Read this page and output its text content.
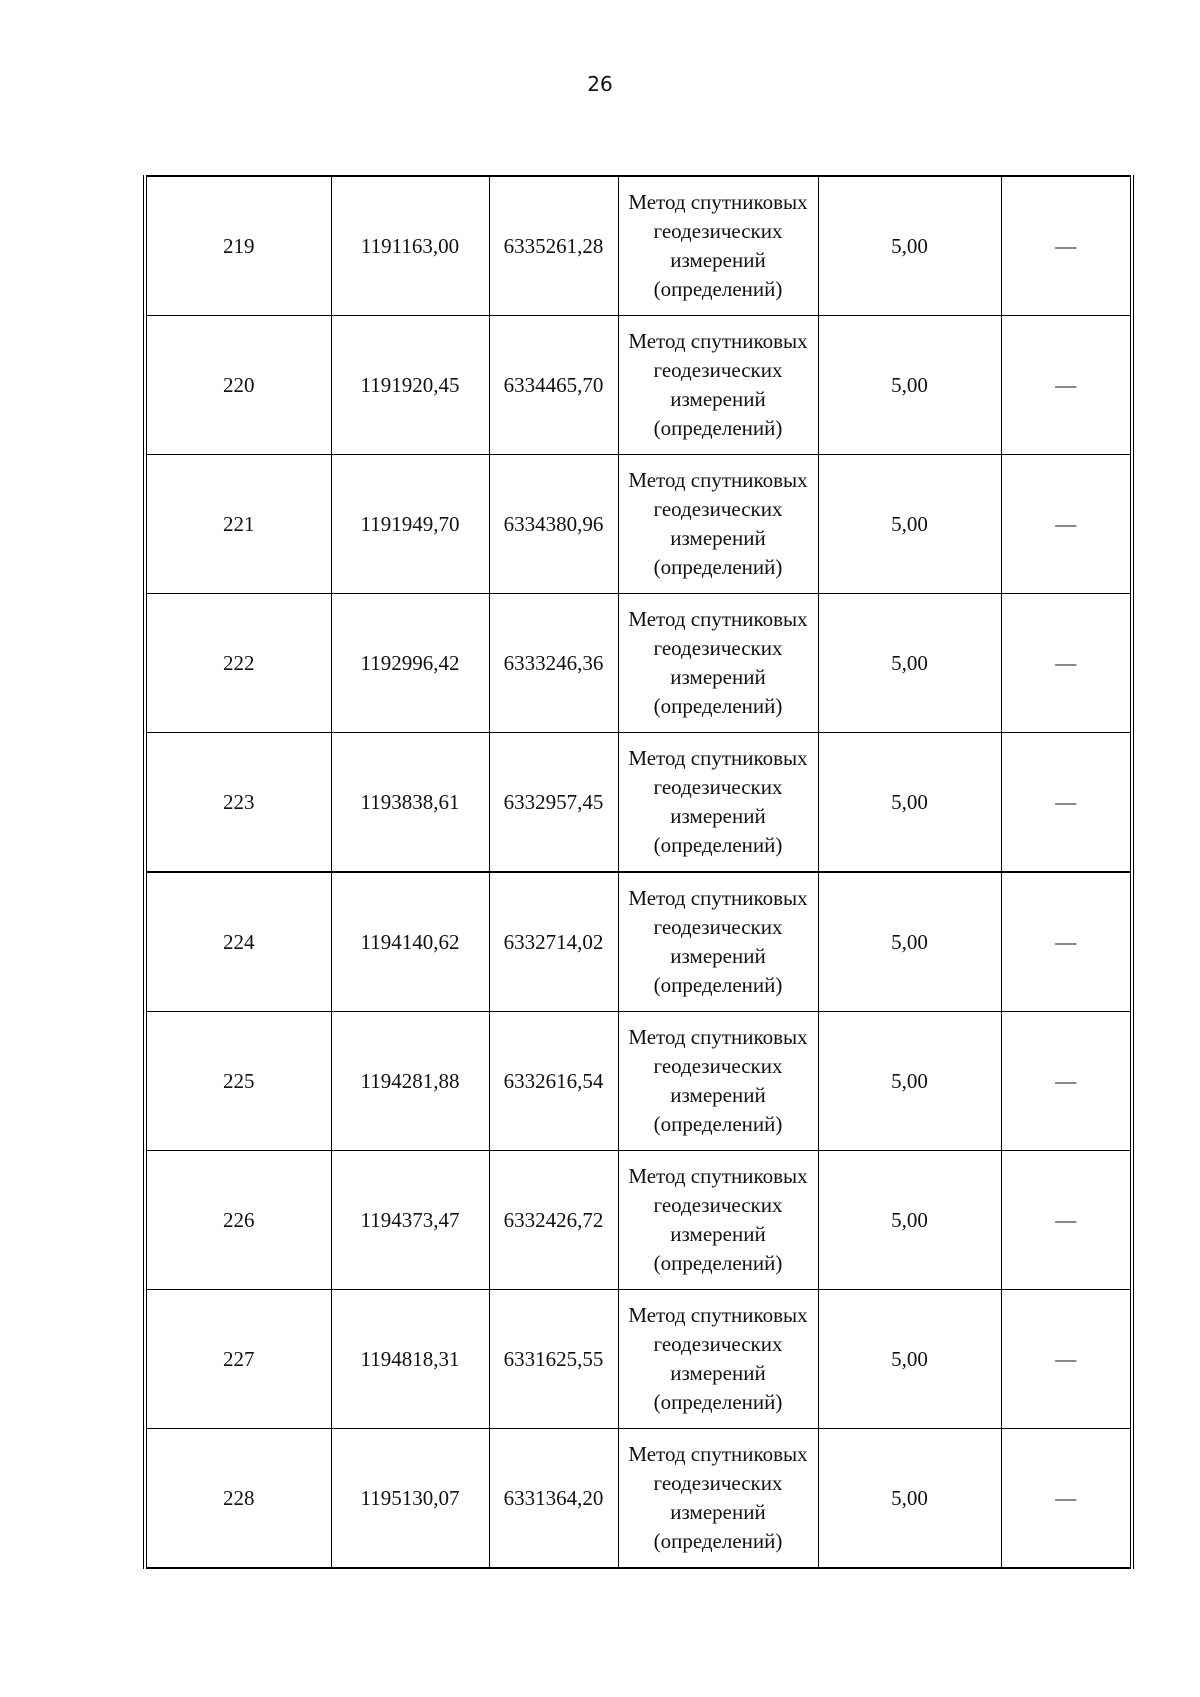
26
219	1191163,00	6335261,28	Метод спутниковых
геодезических
измерений
(определений)	5,00	—
220	1191920,45	6334465,70	Метод спутниковых
геодезических
измерений
(определений)	5,00	—
221	1191949,70	6334380,96	Метод спутниковых
геодезических
измерений
(определений)	5,00	—
222	1192996,42	6333246,36	Метод спутниковых
геодезических
измерений
(определений)	5,00	—
223	1193838,61	6332957,45	Метод спутниковых
геодезических
измерений
(определений)	5,00	—
224	1194140,62	6332714,02	Метод спутниковых
геодезических
измерений
(определений)	5,00	—
225	1194281,88	6332616,54	Метод спутниковых
геодезических
измерений
(определений)	5,00	—
226	1194373,47	6332426,72	Метод спутниковых
геодезических
измерений
(определений)	5,00	—
227	1194818,31	6331625,55	Метод спутниковых
геодезических
измерений
(определений)	5,00	—
228	1195130,07	6331364,20	Метод спутниковых
геодезических
измерений
(определений)	5,00	—
